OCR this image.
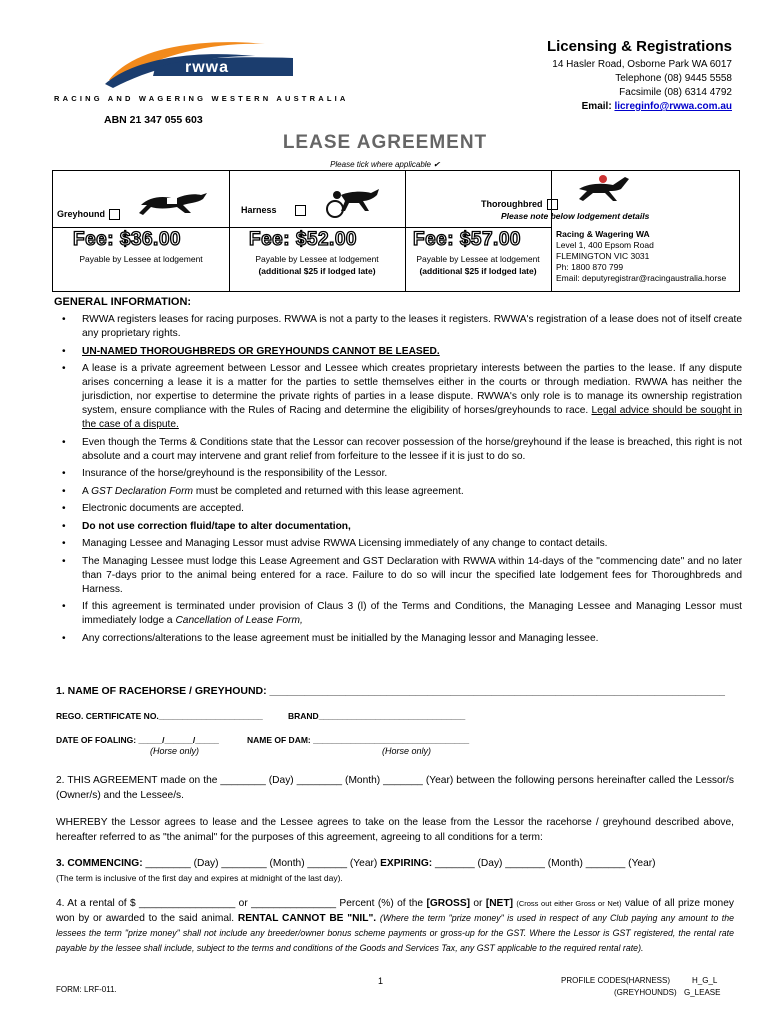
rwwa
RACING AND WAGERING WESTERN AUSTRALIA
ABN 21 347 055 603
Licensing & Registrations
14 Hasler Road, Osborne Park WA 6017
Telephone (08) 9445 5558
Facsimile (08) 6314 4792
Email: licreginfo@rwwa.com.au
LEASE AGREEMENT
Please tick where applicable ✔
Greyhound
Fee: $36.00
Payable by Lessee at lodgement
Harness
Fee: $52.00
Payable by Lessee at lodgement
(additional $25 if lodged late)
Thoroughbred
Please note below lodgement details
Fee: $57.00
Payable by Lessee at lodgement
(additional $25 if lodged late)
Racing & Wagering WA
Level 1, 400 Epsom Road
FLEMINGTON VIC 3031
Ph: 1800 870 799
Email: deputyregistrar@racingaustralia.horse
GENERAL INFORMATION:
• RWWA registers leases for racing purposes. RWWA is not a party to the leases it registers. RWWA's registration of a lease does not of itself create any proprietary rights.
• UN-NAMED THOROUGHBREDS OR GREYHOUNDS CANNOT BE LEASED.
• A lease is a private agreement between Lessor and Lessee which creates proprietary interests between the parties to the lease. If any dispute arises concerning a lease it is a matter for the parties to settle themselves either in the courts or through mediation. RWWA has neither the jurisdiction, nor expertise to determine the private rights of parties in a lease dispute. RWWA's only role is to manage its ownership registration system, ensure compliance with the Rules of Racing and determine the eligibility of horses/greyhounds to race. Legal advice should be sought in the case of a dispute.
• Even though the Terms & Conditions state that the Lessor can recover possession of the horse/greyhound if the lease is breached, this right is not absolute and a court may intervene and grant relief from forfeiture to the lessee if it is just to do so.
• Insurance of the horse/greyhound is the responsibility of the Lessor.
• A GST Declaration Form must be completed and returned with this lease agreement.
• Electronic documents are accepted.
• Do not use correction fluid/tape to alter documentation,
• Managing Lessee and Managing Lessor must advise RWWA Licensing immediately of any change to contact details.
• The Managing Lessee must lodge this Lease Agreement and GST Declaration with RWWA within 14-days of the "commencing date" and no later than 7-days prior to the animal being entered for a race. Failure to do so will incur the specified late lodgement fees for Thoroughbreds and Harness.
• If this agreement is terminated under provision of Claus 3 (l) of the Terms and Conditions, the Managing Lessee and Managing Lessor must immediately lodge a Cancellation of Lease Form,
• Any corrections/alterations to the lease agreement must be initialled by the Managing lessor and Managing lessee.
1. NAME OF RACEHORSE / GREYHOUND: ______________________________________________________________________________
REGO. CERTIFICATE NO.______________________	BRAND_______________________________
DATE OF FOALING: _____/______/_____
(Horse only)
NAME OF DAM: _________________________________
(Horse only)
2. THIS AGREEMENT made on the ________ (Day) ________ (Month) _______ (Year) between the following persons hereinafter called the Lessor/s (Owner/s) and the Lessee/s.
WHEREBY the Lessor agrees to lease and the Lessee agrees to take on the lease from the Lessor the racehorse / greyhound described above, hereafter referred to as "the animal" for the purposes of this agreement, agreeing to all conditions for a term:
3. COMMENCING: ________ (Day) ________ (Month) _______ (Year) EXPIRING: _______ (Day) _______ (Month) _______ (Year)
(The term is inclusive of the first day and expires at midnight of the last day).
4. At a rental of $ _________________ or _______________ Percent (%) of the [GROSS] or [NET] (Cross out either Gross or Net) value of all prize money won by or awarded to the said animal. RENTAL CANNOT BE "NIL". (Where the term "prize money" is used in respect of any Club paying any amount to the lessees the term "prize money" shall not include any breeder/owner bonus scheme payments or gross-up for the GST. Where the Lessor is GST registered, the rental rate payable by the lessee shall include, subject to the terms and conditions of the Goods and Services Tax, any GST applicable to the required rental rate).
1
FORM: LRF-011.
PROFILE CODES:
(HARNESS)	H_G_L
(GREYHOUNDS) G_LEASE
